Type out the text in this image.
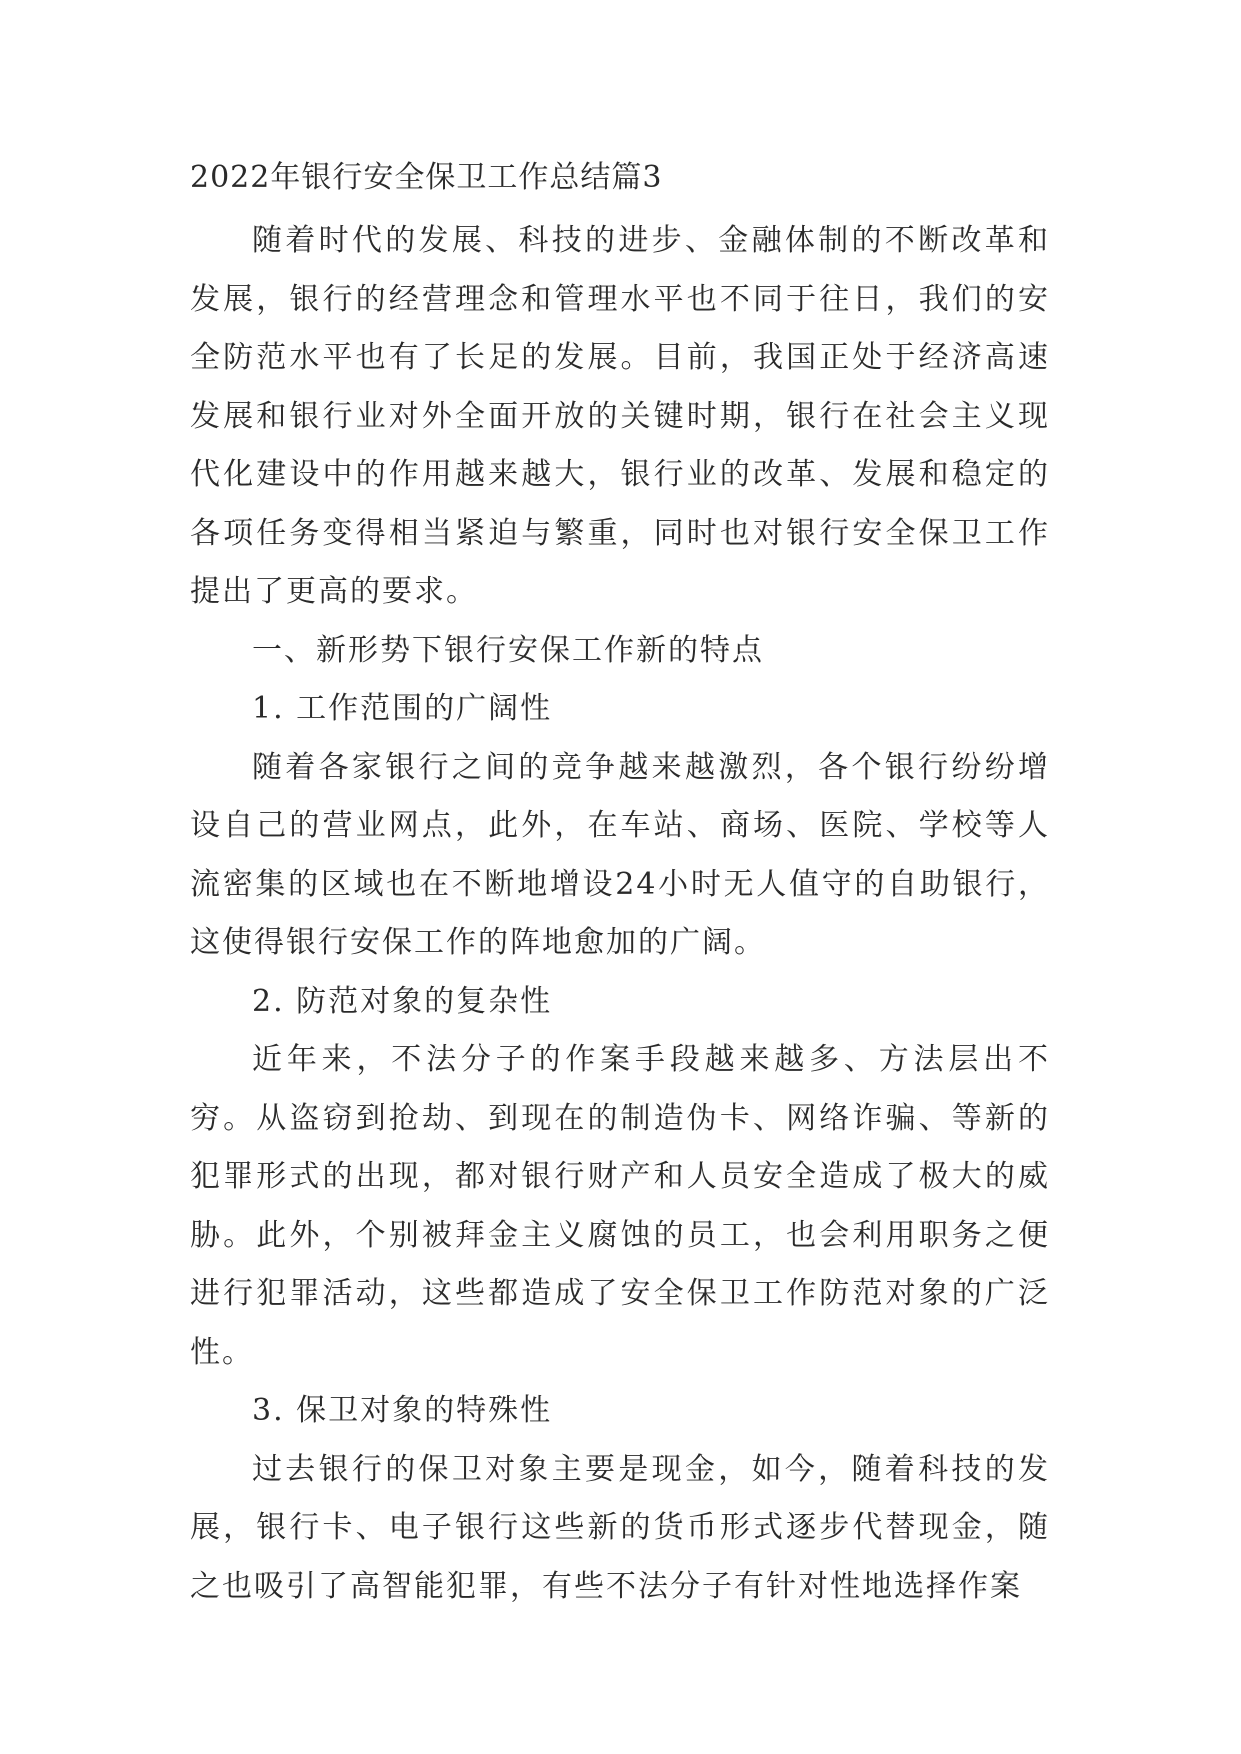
2022年银行安全保卫工作总结篇3

随着时代的发展、科技的进步、金融体制的不断改革和发展，银行的经营理念和管理水平也不同于往日，我们的安全防范水平也有了长足的发展。目前，我国正处于经济高速发展和银行业对外全面开放的关键时期，银行在社会主义现代化建设中的作用越来越大，银行业的改革、发展和稳定的各项任务变得相当紧迫与繁重，同时也对银行安全保卫工作提出了更高的要求。

一、新形势下银行安保工作新的特点

1. 工作范围的广阔性

随着各家银行之间的竞争越来越激烈，各个银行纷纷增设自己的营业网点，此外，在车站、商场、医院、学校等人流密集的区域也在不断地增设24小时无人值守的自助银行，这使得银行安保工作的阵地愈加的广阔。

2. 防范对象的复杂性

近年来，不法分子的作案手段越来越多、方法层出不穷。从盗窃到抢劫、到现在的制造伪卡、网络诈骗、等新的犯罪形式的出现，都对银行财产和人员安全造成了极大的威胁。此外，个别被拜金主义腐蚀的员工，也会利用职务之便进行犯罪活动，这些都造成了安全保卫工作防范对象的广泛性。

3. 保卫对象的特殊性

过去银行的保卫对象主要是现金，如今，随着科技的发展，银行卡、电子银行这些新的货币形式逐步代替现金，随之也吸引了高智能犯罪，有些不法分子有针对性地选择作案
